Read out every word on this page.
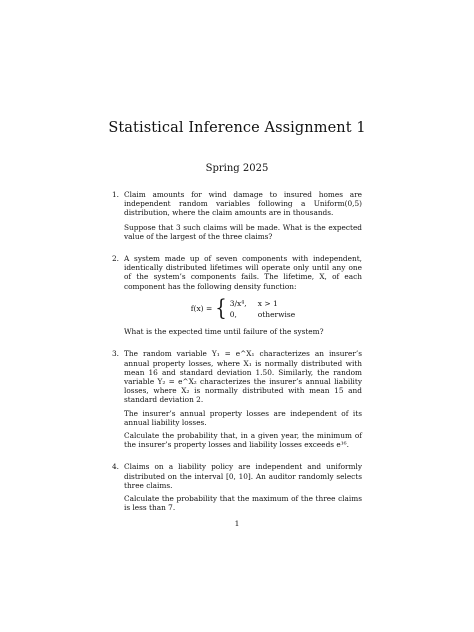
Statistical Inference Assignment 1
Spring 2025
1. Claim amounts for wind damage to insured homes are independent random variables following a Uniform(0,5) distribution, where the claim amounts are in thousands.

Suppose that 3 such claims will be made. What is the expected value of the largest of the three claims?

2. A system made up of seven components with independent, identically distributed lifetimes will operate only until any one of the system’s components fails. The lifetime, X, of each component has the following density function:

f(x) = { 3/x⁴, x > 1
0,	otherwise

What is the expected time until failure of the system?

3. The random variable Y₁ = e^X₁ characterizes an insurer’s annual property losses, where X₁ is normally distributed with mean 16 and standard deviation 1.50. Similarly, the random variable Y₂ = e^X₂ characterizes the insurer’s annual liability losses, where X₂ is normally distributed with mean 15 and standard deviation 2.

The insurer’s annual property losses are independent of its annual liability losses.

Calculate the probability that, in a given year, the minimum of the insurer’s property losses and liability losses exceeds e¹⁶.

4. Claims on a liability policy are independent and uniformly distributed on the interval [0, 10]. An auditor randomly selects three claims.

Calculate the probability that the maximum of the three claims is less than 7.

1
